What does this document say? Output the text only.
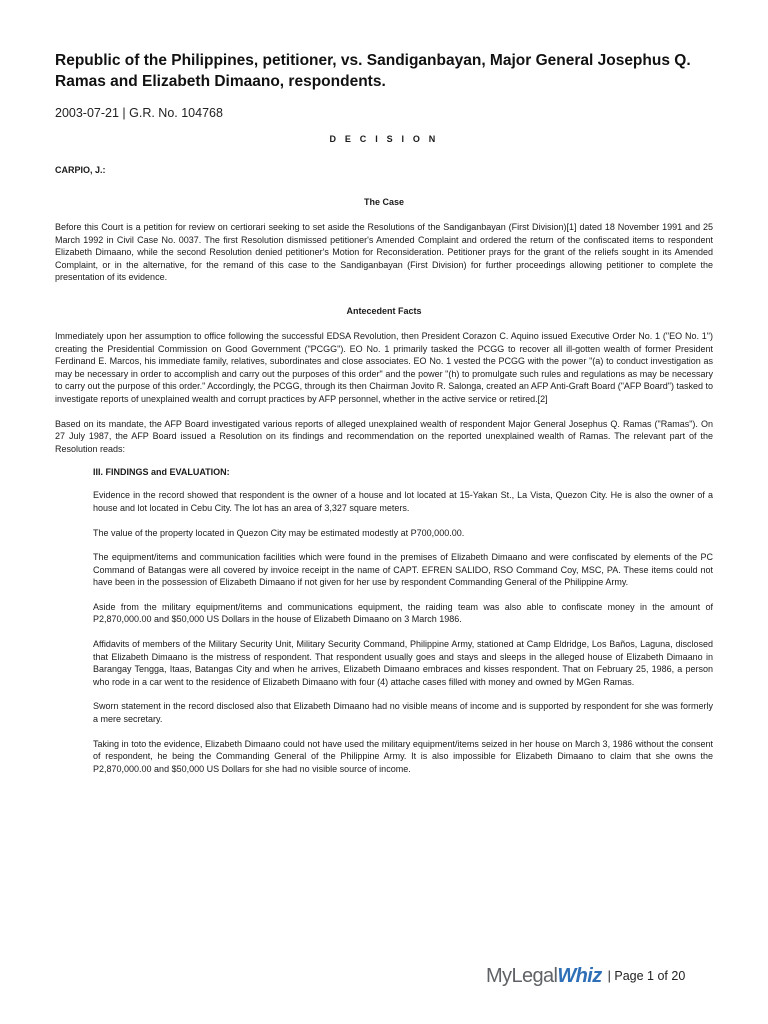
Republic of the Philippines, petitioner, vs. Sandiganbayan, Major General Josephus Q. Ramas and Elizabeth Dimaano, respondents.
2003-07-21 | G.R. No. 104768
D E C I S I O N
CARPIO, J.:
The Case

Before this Court is a petition for review on certiorari seeking to set aside the Resolutions of the Sandiganbayan (First Division)[1] dated 18 November 1991 and 25 March 1992 in Civil Case No. 0037. The first Resolution dismissed petitioner's Amended Complaint and ordered the return of the confiscated items to respondent Elizabeth Dimaano, while the second Resolution denied petitioner's Motion for Reconsideration. Petitioner prays for the grant of the reliefs sought in its Amended Complaint, or in the alternative, for the remand of this case to the Sandiganbayan (First Division) for further proceedings allowing petitioner to complete the presentation of its evidence.

Antecedent Facts

Immediately upon her assumption to office following the successful EDSA Revolution, then President Corazon C. Aquino issued Executive Order No. 1 ("EO No. 1") creating the Presidential Commission on Good Government ("PCGG"). EO No. 1 primarily tasked the PCGG to recover all ill-gotten wealth of former President Ferdinand E. Marcos, his immediate family, relatives, subordinates and close associates. EO No. 1 vested the PCGG with the power "(a) to conduct investigation as may be necessary in order to accomplish and carry out the purposes of this order" and the power "(h) to promulgate such rules and regulations as may be necessary to carry out the purpose of this order." Accordingly, the PCGG, through its then Chairman Jovito R. Salonga, created an AFP Anti-Graft Board ("AFP Board") tasked to investigate reports of unexplained wealth and corrupt practices by AFP personnel, whether in the active service or retired.[2]

Based on its mandate, the AFP Board investigated various reports of alleged unexplained wealth of respondent Major General Josephus Q. Ramas ("Ramas"). On 27 July 1987, the AFP Board issued a Resolution on its findings and recommendation on the reported unexplained wealth of Ramas. The relevant part of the Resolution reads:

III. FINDINGS and EVALUATION:

Evidence in the record showed that respondent is the owner of a house and lot located at 15-Yakan St., La Vista, Quezon City. He is also the owner of a house and lot located in Cebu City. The lot has an area of 3,327 square meters.

The value of the property located in Quezon City may be estimated modestly at P700,000.00.

The equipment/items and communication facilities which were found in the premises of Elizabeth Dimaano and were confiscated by elements of the PC Command of Batangas were all covered by invoice receipt in the name of CAPT. EFREN SALIDO, RSO Command Coy, MSC, PA. These items could not have been in the possession of Elizabeth Dimaano if not given for her use by respondent Commanding General of the Philippine Army.

Aside from the military equipment/items and communications equipment, the raiding team was also able to confiscate money in the amount of P2,870,000.00 and $50,000 US Dollars in the house of Elizabeth Dimaano on 3 March 1986.

Affidavits of members of the Military Security Unit, Military Security Command, Philippine Army, stationed at Camp Eldridge, Los Baños, Laguna, disclosed that Elizabeth Dimaano is the mistress of respondent. That respondent usually goes and stays and sleeps in the alleged house of Elizabeth Dimaano in Barangay Tengga, Itaas, Batangas City and when he arrives, Elizabeth Dimaano embraces and kisses respondent. That on February 25, 1986, a person who rode in a car went to the residence of Elizabeth Dimaano with four (4) attache cases filled with money and owned by MGen Ramas.

Sworn statement in the record disclosed also that Elizabeth Dimaano had no visible means of income and is supported by respondent for she was formerly a mere secretary.

Taking in toto the evidence, Elizabeth Dimaano could not have used the military equipment/items seized in her house on March 3, 1986 without the consent of respondent, he being the Commanding General of the Philippine Army. It is also impossible for Elizabeth Dimaano to claim that she owns the P2,870,000.00 and $50,000 US Dollars for she had no visible source of income.

MyLegalWhiz | Page 1 of 20
